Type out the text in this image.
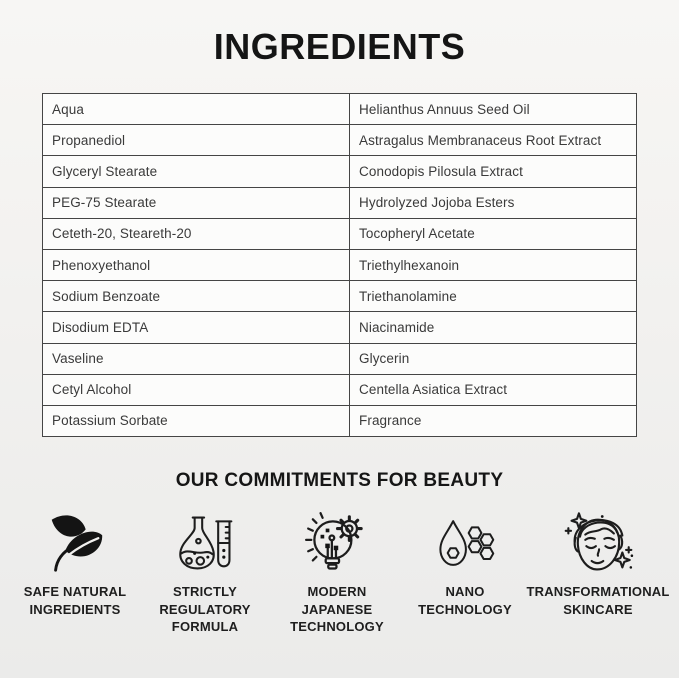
INGREDIENTS
Aqua	Helianthus Annuus Seed Oil
Propanediol	Astragalus Membranaceus Root Extract
Glyceryl Stearate	Conodopis Pilosula Extract
PEG-75 Stearate	Hydrolyzed Jojoba Esters
Ceteth-20, Steareth-20	Tocopheryl Acetate
Phenoxyethanol	Triethylhexanoin
Sodium Benzoate	Triethanolamine
Disodium EDTA	Niacinamide
Vaseline	Glycerin
Cetyl Alcohol	Centella Asiatica Extract
Potassium Sorbate	Fragrance
OUR COMMITMENTS FOR BEAUTY
SAFE NATURAL
INGREDIENTS
STRICTLY
REGULATORY
FORMULA
MODERN
JAPANESE
TECHNOLOGY
NANO
TECHNOLOGY
TRANSFORMATIONAL
SKINCARE
